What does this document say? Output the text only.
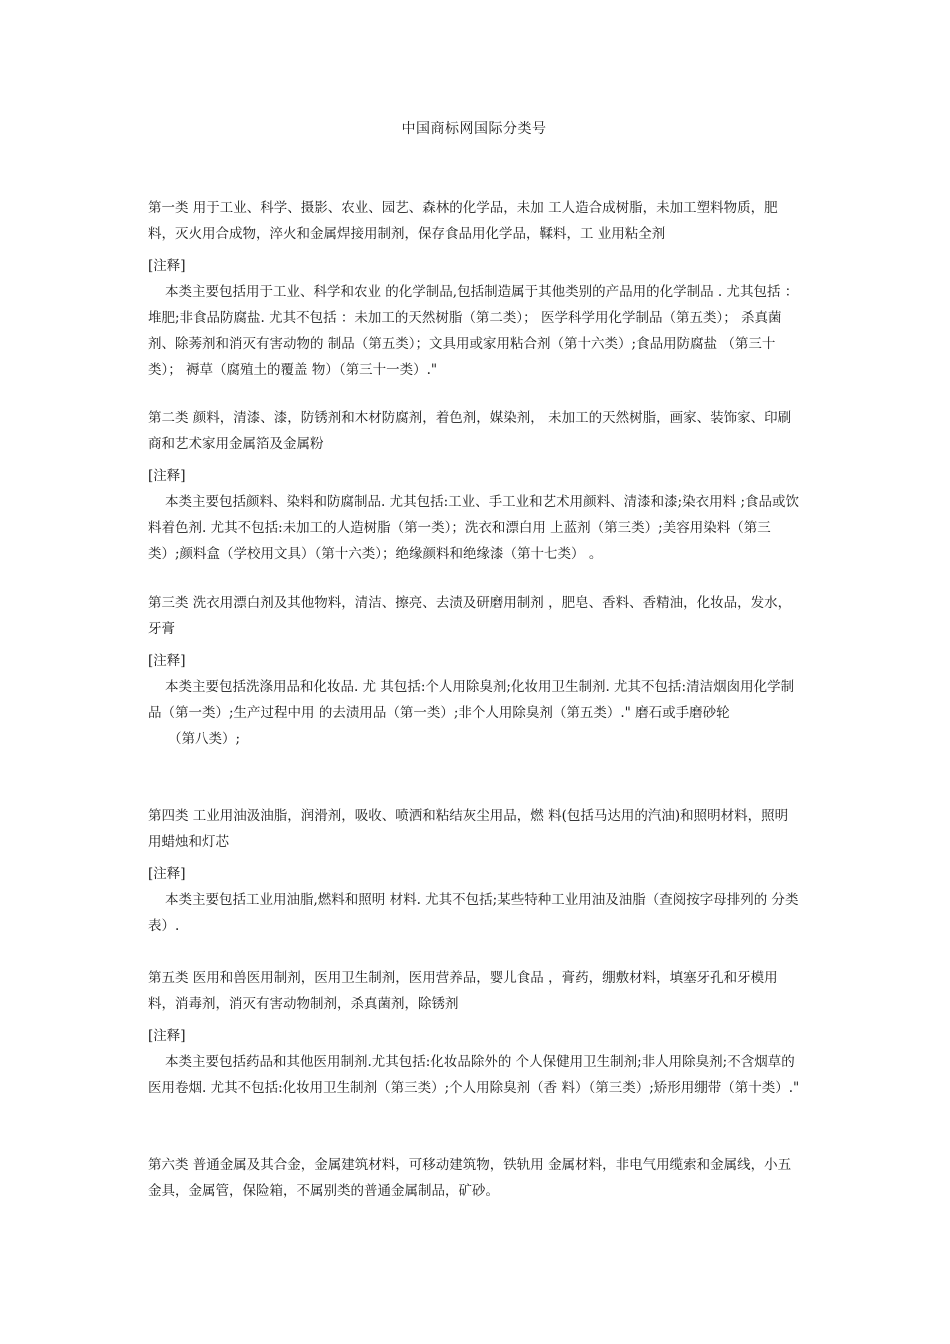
中国商标网国际分类号

第一类 用于工业、科学、摄影、农业、园艺、森林的化学品，未加 工人造合成树脂，未加工塑料物质，肥料，灭火用合成物，淬火和金属焊接用制剂，保存食品用化学品，鞣料，工 业用粘全剂

[注释]

本类主要包括用于工业、科学和农业 的化学制品,包括制造属于其他类别的产品用的化学制品 . 尤其包括 ： 堆肥;非食品防腐盐. 尤其不包括 ：未加工的天然树脂（第二类）； 医学科学用化学制品（第五类）； 杀真菌剂、除莠剂和消灭有害动物的 制品（第五类）；文具用或家用粘合剂（第十六类）;食品用防腐盐 （第三十类）； 褥草（腐殖土的覆盖 物）（第三十一类）."

第二类 颜料，清漆、漆，防锈剂和木材防腐剂，着色剂，媒染剂， 未加工的天然树脂，画家、装饰家、印刷商和艺术家用金属箔及金属粉

[注释]

本类主要包括颜料、染料和防腐制品. 尤其包括:工业、手工业和艺术用颜料、清漆和漆;染衣用料 ;食品或饮料着色剂. 尤其不包括:未加工的人造树脂（第一类）；洗衣和漂白用 上蓝剂（第三类）;美容用染料（第三类）;颜料盒（学校用文具）（第十六类）；绝缘颜料和绝缘漆（第十七类） 。

第三类 洗衣用漂白剂及其他物料，清洁、擦亮、去渍及研磨用制剂 ，肥皂、香料、香精油，化妆品，发水，牙膏

[注释]

本类主要包括洗涤用品和化妆品. 尤 其包括:个人用除臭剂;化妆用卫生制剂. 尤其不包括:清洁烟囱用化学制品（第一类）;生产过程中用 的去渍用品（第一类）;非个人用除臭剂（第五类）." 磨石或手磨砂轮

（第八类）;

第四类 工业用油汲油脂，润滑剂，吸收、喷洒和粘结灰尘用品，燃 料(包括马达用的汽油)和照明材料，照明用蜡烛和灯芯

[注释]

本类主要包括工业用油脂,燃料和照明 材料. 尤其不包括;某些特种工业用油及油脂（查阅按字母排列的 分类表）.

第五类 医用和兽医用制剂，医用卫生制剂，医用营养品，婴儿食品 ，膏药，绷敷材料，填塞牙孔和牙模用料，消毒剂，消灭有害动物制剂，杀真菌剂，除锈剂

[注释]

本类主要包括药品和其他医用制剂.尤其包括:化妆品除外的 个人保健用卫生制剂;非人用除臭剂;不含烟草的医用卷烟. 尤其不包括:化妆用卫生制剂（第三类）;个人用除臭剂（香 料）（第三类）;矫形用绷带（第十类）."

第六类 普通金属及其合金，金属建筑材料，可移动建筑物，铁轨用 金属材料，非电气用缆索和金属线，小五金具，金属管，保险箱，不属别类的普通金属制品，矿砂。
